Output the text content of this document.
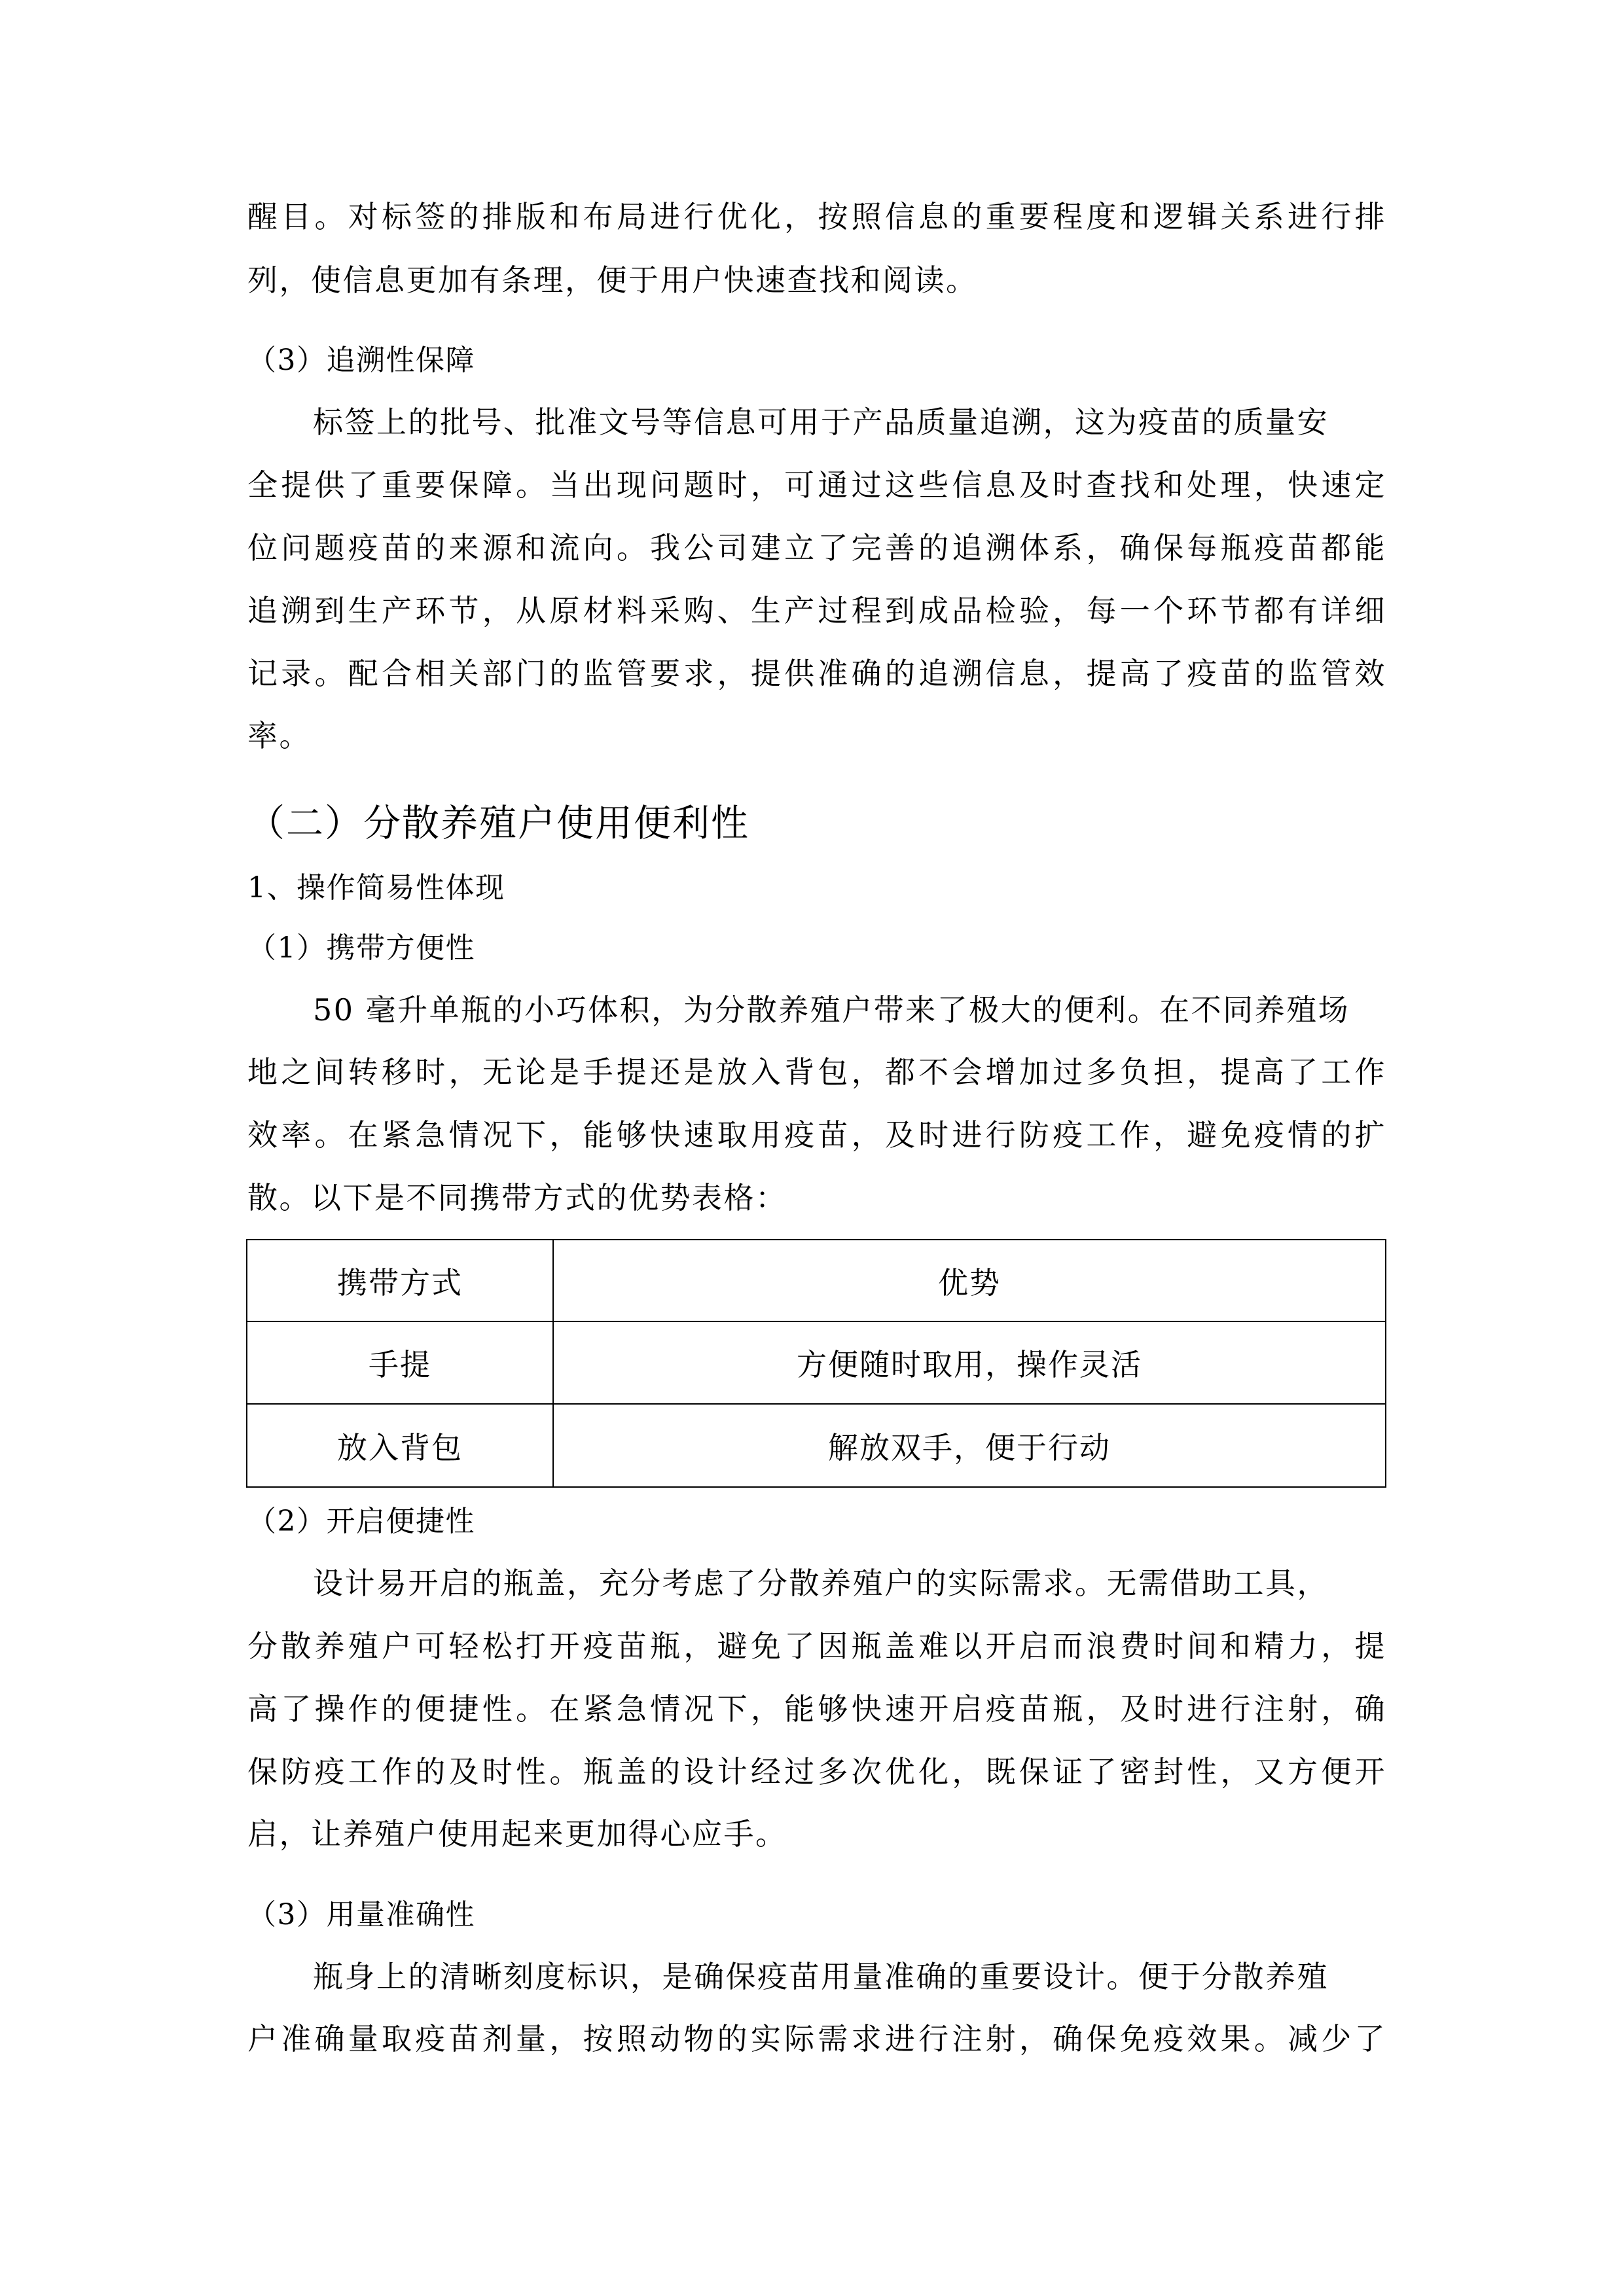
醒目。对标签的排版和布局进行优化，按照信息的重要程度和逻辑关系进行排
列，使信息更加有条理，便于用户快速查找和阅读。
（3）追溯性保障
标签上的批号、批准文号等信息可用于产品质量追溯，这为疫苗的质量安
全提供了重要保障。当出现问题时，可通过这些信息及时查找和处理，快速定
位问题疫苗的来源和流向。我公司建立了完善的追溯体系，确保每瓶疫苗都能
追溯到生产环节，从原材料采购、生产过程到成品检验，每一个环节都有详细
记录。配合相关部门的监管要求，提供准确的追溯信息，提高了疫苗的监管效
率。
（二）分散养殖户使用便利性
1、操作简易性体现
（1）携带方便性
50 毫升单瓶的小巧体积，为分散养殖户带来了极大的便利。在不同养殖场
地之间转移时，无论是手提还是放入背包，都不会增加过多负担，提高了工作
效率。在紧急情况下，能够快速取用疫苗，及时进行防疫工作，避免疫情的扩
散。以下是不同携带方式的优势表格：
携带方式	优势
手提	方便随时取用，操作灵活
放入背包	解放双手，便于行动
（2）开启便捷性
设计易开启的瓶盖，充分考虑了分散养殖户的实际需求。无需借助工具，
分散养殖户可轻松打开疫苗瓶，避免了因瓶盖难以开启而浪费时间和精力，提
高了操作的便捷性。在紧急情况下，能够快速开启疫苗瓶，及时进行注射，确
保防疫工作的及时性。瓶盖的设计经过多次优化，既保证了密封性，又方便开
启，让养殖户使用起来更加得心应手。
（3）用量准确性
瓶身上的清晰刻度标识，是确保疫苗用量准确的重要设计。便于分散养殖
户准确量取疫苗剂量，按照动物的实际需求进行注射，确保免疫效果。减少了
